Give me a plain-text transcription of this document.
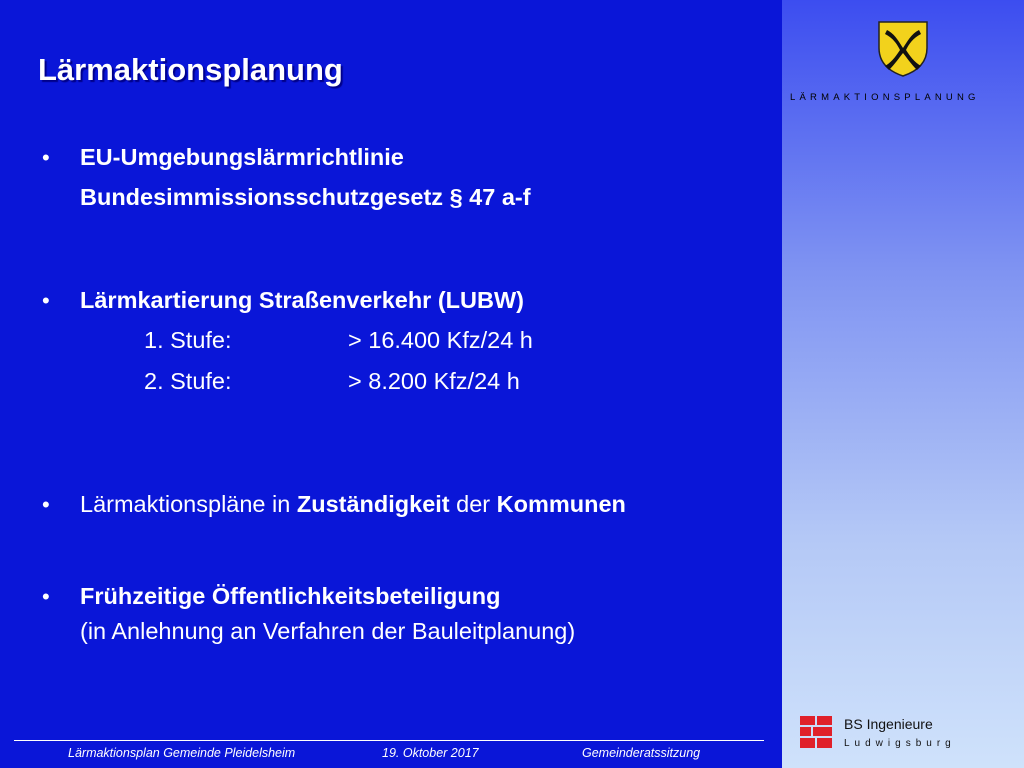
LÄRMAKTIONSPLANUNG
Lärmaktionsplanung
• EU-Umgebungslärmrichtlinie
Bundesimmissionsschutzgesetz § 47 a-f
• Lärmkartierung Straßenverkehr (LUBW)
1. Stufe:	> 16.400 Kfz/24 h
2. Stufe:	> 8.200 Kfz/24 h
• Lärmaktionspläne in Zuständigkeit der Kommunen
• Frühzeitige Öffentlichkeitsbeteiligung
(in Anlehnung an Verfahren der Bauleitplanung)
Lärmaktionsplan Gemeinde Pleidelsheim	19. Oktober 2017	Gemeinderatssitzung
BS Ingenieure
Ludwigsburg
